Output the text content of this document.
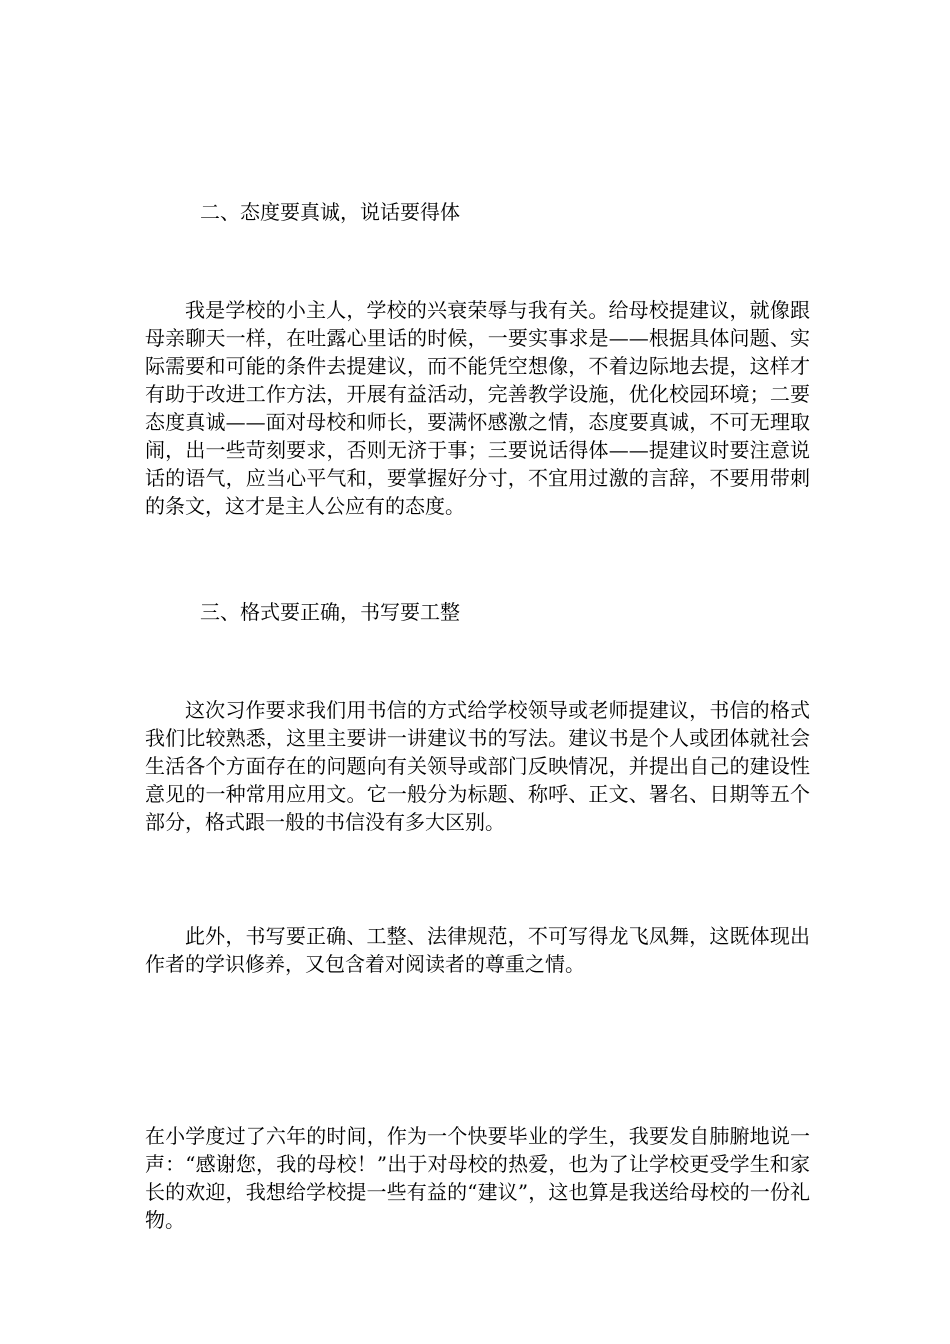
二、态度要真诚，说话要得体

我是学校的小主人，学校的兴衰荣辱与我有关。给母校提建议，就像跟母亲聊天一样，在吐露心里话的时候，一要实事求是——根据具体问题、实际需要和可能的条件去提建议，而不能凭空想像，不着边际地去提，这样才有助于改进工作方法，开展有益活动，完善教学设施，优化校园环境；二要态度真诚——面对母校和师长，要满怀感激之情，态度要真诚，不可无理取闹，出一些苛刻要求，否则无济于事；三要说话得体——提建议时要注意说话的语气，应当心平气和，要掌握好分寸，不宜用过激的言辞，不要用带刺的条文，这才是主人公应有的态度。

三、格式要正确，书写要工整

这次习作要求我们用书信的方式给学校领导或老师提建议，书信的格式我们比较熟悉，这里主要讲一讲建议书的写法。建议书是个人或团体就社会生活各个方面存在的问题向有关领导或部门反映情况，并提出自己的建设性意见的一种常用应用文。它一般分为标题、称呼、正文、署名、日期等五个部分，格式跟一般的书信没有多大区别。

此外，书写要正确、工整、法律规范，不可写得龙飞凤舞，这既体现出作者的学识修养，又包含着对阅读者的尊重之情。

在小学度过了六年的时间，作为一个快要毕业的学生，我要发自肺腑地说一声：“感谢您，我的母校！”出于对母校的热爱，也为了让学校更受学生和家长的欢迎，我想给学校提一些有益的“建议”，这也算是我送给母校的一份礼物。
